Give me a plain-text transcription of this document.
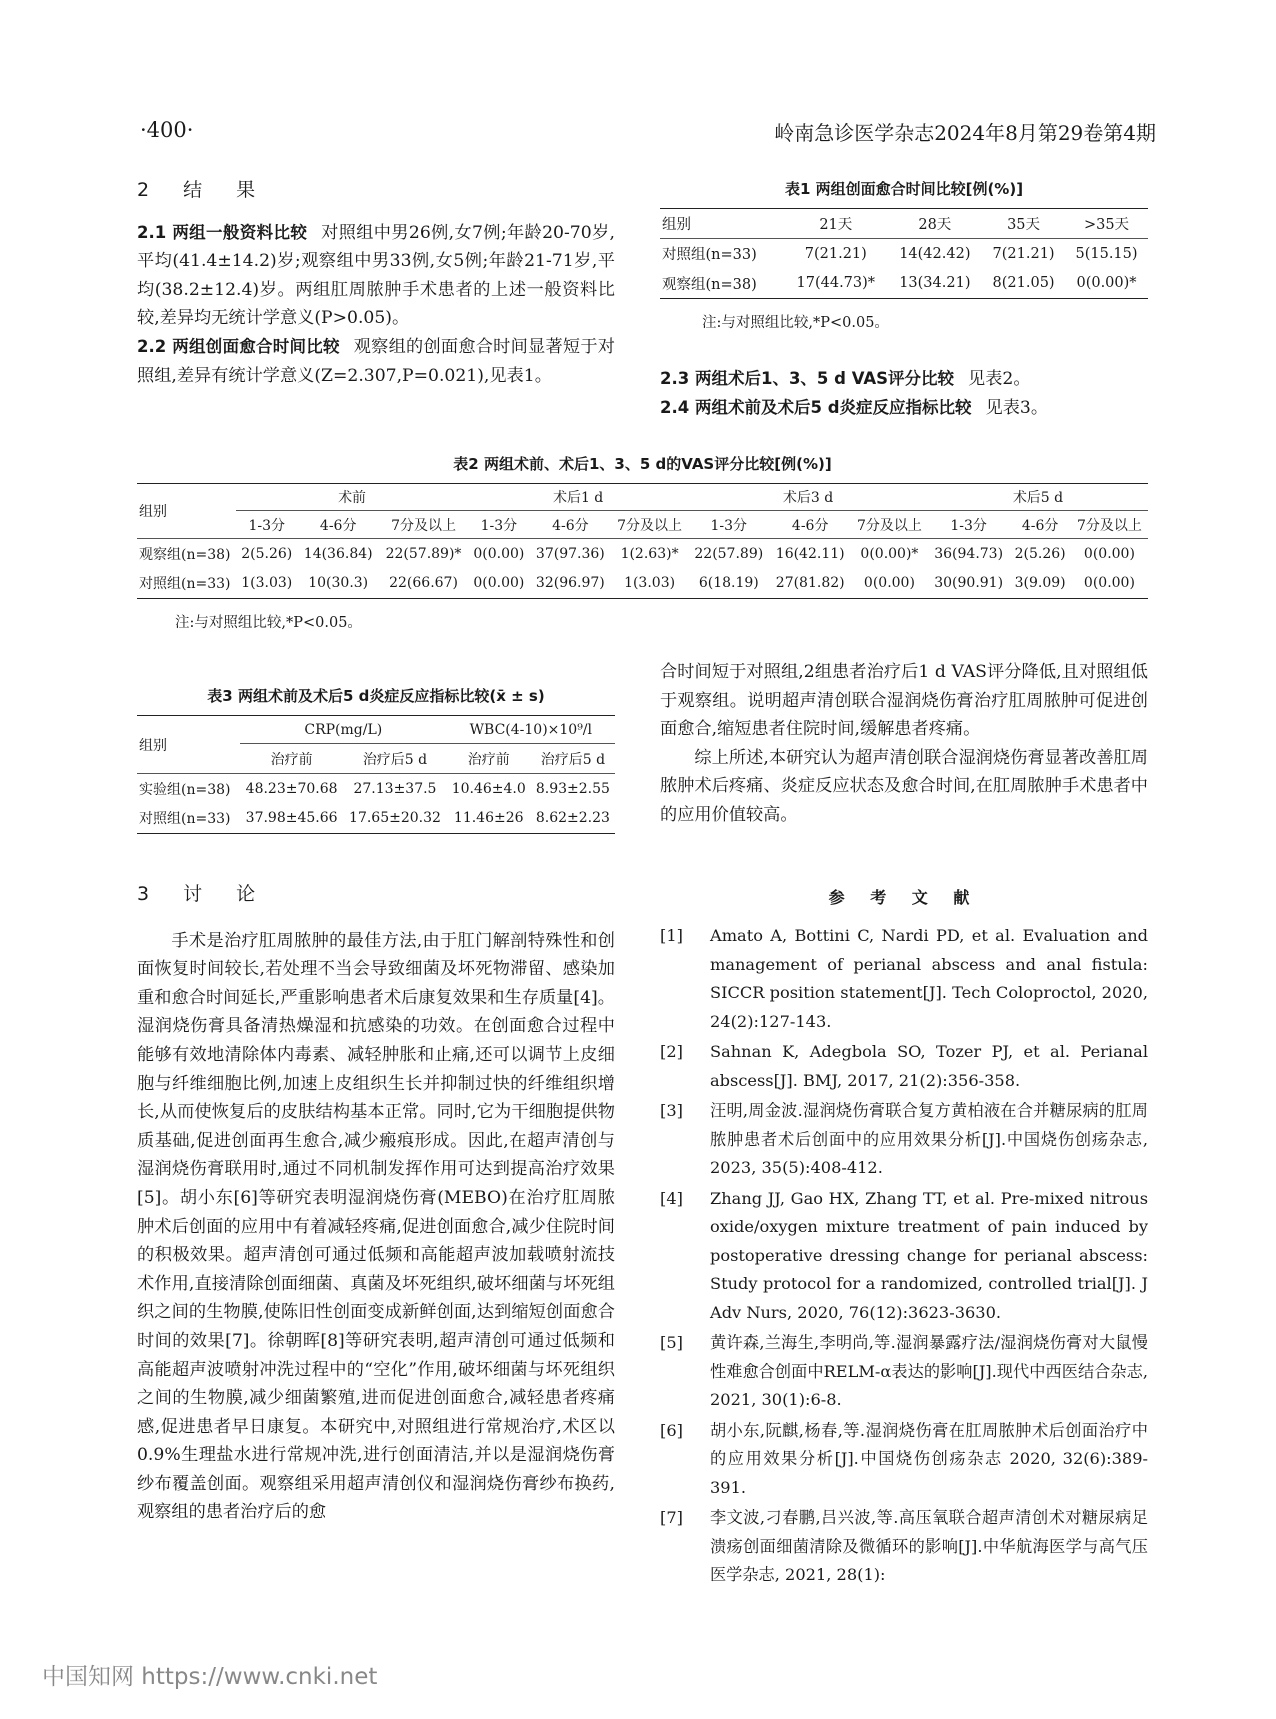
·400·	岭南急诊医学杂志2024年8月第29卷第4期
2 结 果

2.1 两组一般资料比较 对照组中男26例,女7例;年龄20-70岁,平均(41.4±14.2)岁;观察组中男33例,女5例;年龄21-71岁,平均(38.2±12.4)岁。两组肛周脓肿手术患者的上述一般资料比较,差异均无统计学意义(P>0.05)。

2.2 两组创面愈合时间比较 观察组的创面愈合时间显著短于对照组,差异有统计学意义(Z=2.307,P=0.021),见表1。

表1 两组创面愈合时间比较[例(%)]
组别	21天	28天	35天	>35天
对照组(n=33)	7(21.21)	14(42.42)	7(21.21)	5(15.15)
观察组(n=38)	17(44.73)*	13(34.21)	8(21.05)	0(0.00)*
注:与对照组比较,*P<0.05。

2.3 两组术后1、3、5 d VAS评分比较 见表2。

2.4 两组术前及术后5 d炎症反应指标比较 见表3。

表2 两组术前、术后1、3、5 d的VAS评分比较[例(%)]
组别	术前			术后1 d			术后3 d			术后5 d		
	1-3分	4-6分	7分及以上	1-3分	4-6分	7分及以上	1-3分	4-6分	7分及以上	1-3分	4-6分	7分及以上
观察组(n=38)	2(5.26)	14(36.84)	22(57.89)*	0(0.00)	37(97.36)	1(2.63)*	22(57.89)	16(42.11)	0(0.00)*	36(94.73)	2(5.26)	0(0.00)
对照组(n=33)	1(3.03)	10(30.3)	22(66.67)	0(0.00)	32(96.97)	1(3.03)	6(18.19)	27(81.82)	0(0.00)	30(90.91)	3(9.09)	0(0.00)
注:与对照组比较,*P<0.05。
表3 两组术前及术后5 d炎症反应指标比较(x̄ ± s)
组别	CRP(mg/L)		WBC(4-10)×10⁹/l	
	治疗前	治疗后5 d	治疗前	治疗后5 d
实验组(n=38)	48.23±70.68	27.13±37.5	10.46±4.0	8.93±2.55
对照组(n=33)	37.98±45.66	17.65±20.32	11.46±26	8.62±2.23
3 讨 论

手术是治疗肛周脓肿的最佳方法,由于肛门解剖特殊性和创面恢复时间较长,若处理不当会导致细菌及坏死物滞留、感染加重和愈合时间延长,严重影响患者术后康复效果和生存质量[4]。湿润烧伤膏具备清热燥湿和抗感染的功效。在创面愈合过程中能够有效地清除体内毒素、减轻肿胀和止痛,还可以调节上皮细胞与纤维细胞比例,加速上皮组织生长并抑制过快的纤维组织增长,从而使恢复后的皮肤结构基本正常。同时,它为干细胞提供物质基础,促进创面再生愈合,减少瘢痕形成。因此,在超声清创与湿润烧伤膏联用时,通过不同机制发挥作用可达到提高治疗效果[5]。胡小东[6]等研究表明湿润烧伤膏(MEBO)在治疗肛周脓肿术后创面的应用中有着减轻疼痛,促进创面愈合,减少住院时间的积极效果。超声清创可通过低频和高能超声波加载喷射流技术作用,直接清除创面细菌、真菌及坏死组织,破坏细菌与坏死组织之间的生物膜,使陈旧性创面变成新鲜创面,达到缩短创面愈合时间的效果[7]。徐朝晖[8]等研究表明,超声清创可通过低频和高能超声波喷射冲洗过程中的“空化”作用,破坏细菌与坏死组织之间的生物膜,减少细菌繁殖,进而促进创面愈合,减轻患者疼痛感,促进患者早日康复。本研究中,对照组进行常规治疗,术区以0.9%生理盐水进行常规冲洗,进行创面清洁,并以是湿润烧伤膏纱布覆盖创面。观察组采用超声清创仪和湿润烧伤膏纱布换药,观察组的患者治疗后的愈

合时间短于对照组,2组患者治疗后1 d VAS评分降低,且对照组低于观察组。说明超声清创联合湿润烧伤膏治疗肛周脓肿可促进创面愈合,缩短患者住院时间,缓解患者疼痛。

综上所述,本研究认为超声清创联合湿润烧伤膏显著改善肛周脓肿术后疼痛、炎症反应状态及愈合时间,在肛周脓肿手术患者中的应用价值较高。

参 考 文 献
[1]	Amato A, Bottini C, Nardi PD, et al. Evaluation and management of perianal abscess and anal fistula: SICCR position statement[J]. Tech Coloproctol, 2020, 24(2):127-143.
[2]	Sahnan K, Adegbola SO, Tozer PJ, et al. Perianal abscess[J]. BMJ, 2017, 21(2):356-358.
[3]	汪明,周金波.湿润烧伤膏联合复方黄柏液在合并糖尿病的肛周脓肿患者术后创面中的应用效果分析[J].中国烧伤创疡杂志, 2023, 35(5):408-412.
[4]	Zhang JJ, Gao HX, Zhang TT, et al. Pre-mixed nitrous oxide/oxygen mixture treatment of pain induced by postoperative dressing change for perianal abscess: Study protocol for a randomized, controlled trial[J]. J Adv Nurs, 2020, 76(12):3623-3630.
[5]	黄许森,兰海生,李明尚,等.湿润暴露疗法/湿润烧伤膏对大鼠慢性难愈合创面中RELM-α表达的影响[J].现代中西医结合杂志, 2021, 30(1):6-8.
[6]	胡小东,阮麒,杨春,等.湿润烧伤膏在肛周脓肿术后创面治疗中的应用效果分析[J].中国烧伤创疡杂志 2020, 32(6):389-391.
[7]	李文波,刁春鹏,吕兴波,等.高压氧联合超声清创术对糖尿病足溃疡创面细菌清除及微循环的影响[J].中华航海医学与高气压医学杂志, 2021, 28(1):
中国知网 https://www.cnki.net
